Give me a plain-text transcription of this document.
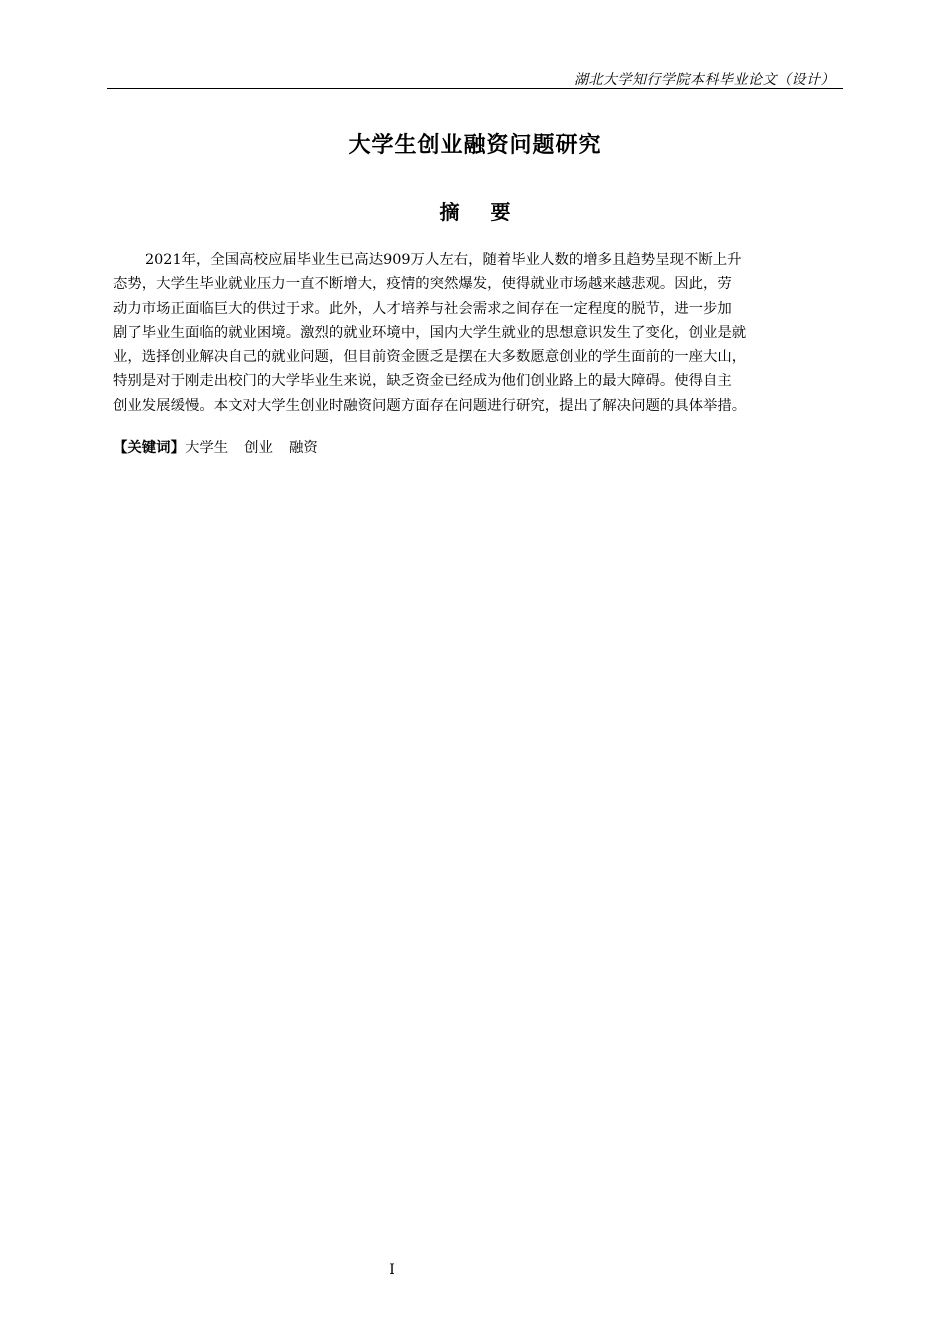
湖北大学知行学院本科毕业论文（设计）
大学生创业融资问题研究
摘 要
2021年，全国高校应届毕业生已高达909万人左右，随着毕业人数的增多且趋势呈现不断上升
态势，大学生毕业就业压力一直不断增大，疫情的突然爆发，使得就业市场越来越悲观。因此，劳
动力市场正面临巨大的供过于求。此外，人才培养与社会需求之间存在一定程度的脱节，进一步加
剧了毕业生面临的就业困境。激烈的就业环境中，国内大学生就业的思想意识发生了变化，创业是就
业，选择创业解决自己的就业问题，但目前资金匮乏是摆在大多数愿意创业的学生面前的一座大山，
特别是对于刚走出校门的大学毕业生来说，缺乏资金已经成为他们创业路上的最大障碍。使得自主
创业发展缓慢。本文对大学生创业时融资问题方面存在问题进行研究，提出了解决问题的具体举措。
【关键词】大学生 创业 融资
I
